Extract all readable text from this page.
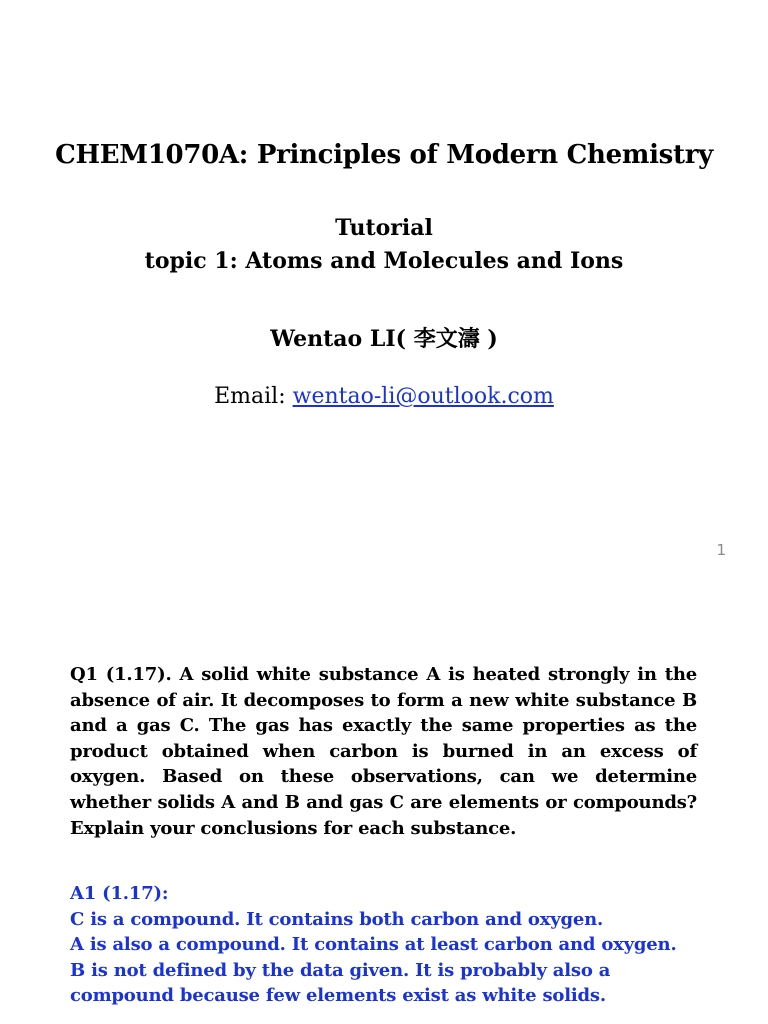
CHEM1070A: Principles of Modern Chemistry
Tutorial
topic 1: Atoms and Molecules and Ions
Wentao LI( 李文濤 )
Email: wentao-li@outlook.com
1
Q1 (1.17). A solid white substance A is heated strongly in the absence of air. It decomposes to form a new white substance B and a gas C. The gas has exactly the same properties as the product obtained when carbon is burned in an excess of oxygen. Based on these observations, can we determine whether solids A and B and gas C are elements or compounds? Explain your conclusions for each substance.
A1 (1.17):
C is a compound. It contains both carbon and oxygen.
A is also a compound. It contains at least carbon and oxygen.
B is not defined by the data given. It is probably also a
compound because few elements exist as white solids.
